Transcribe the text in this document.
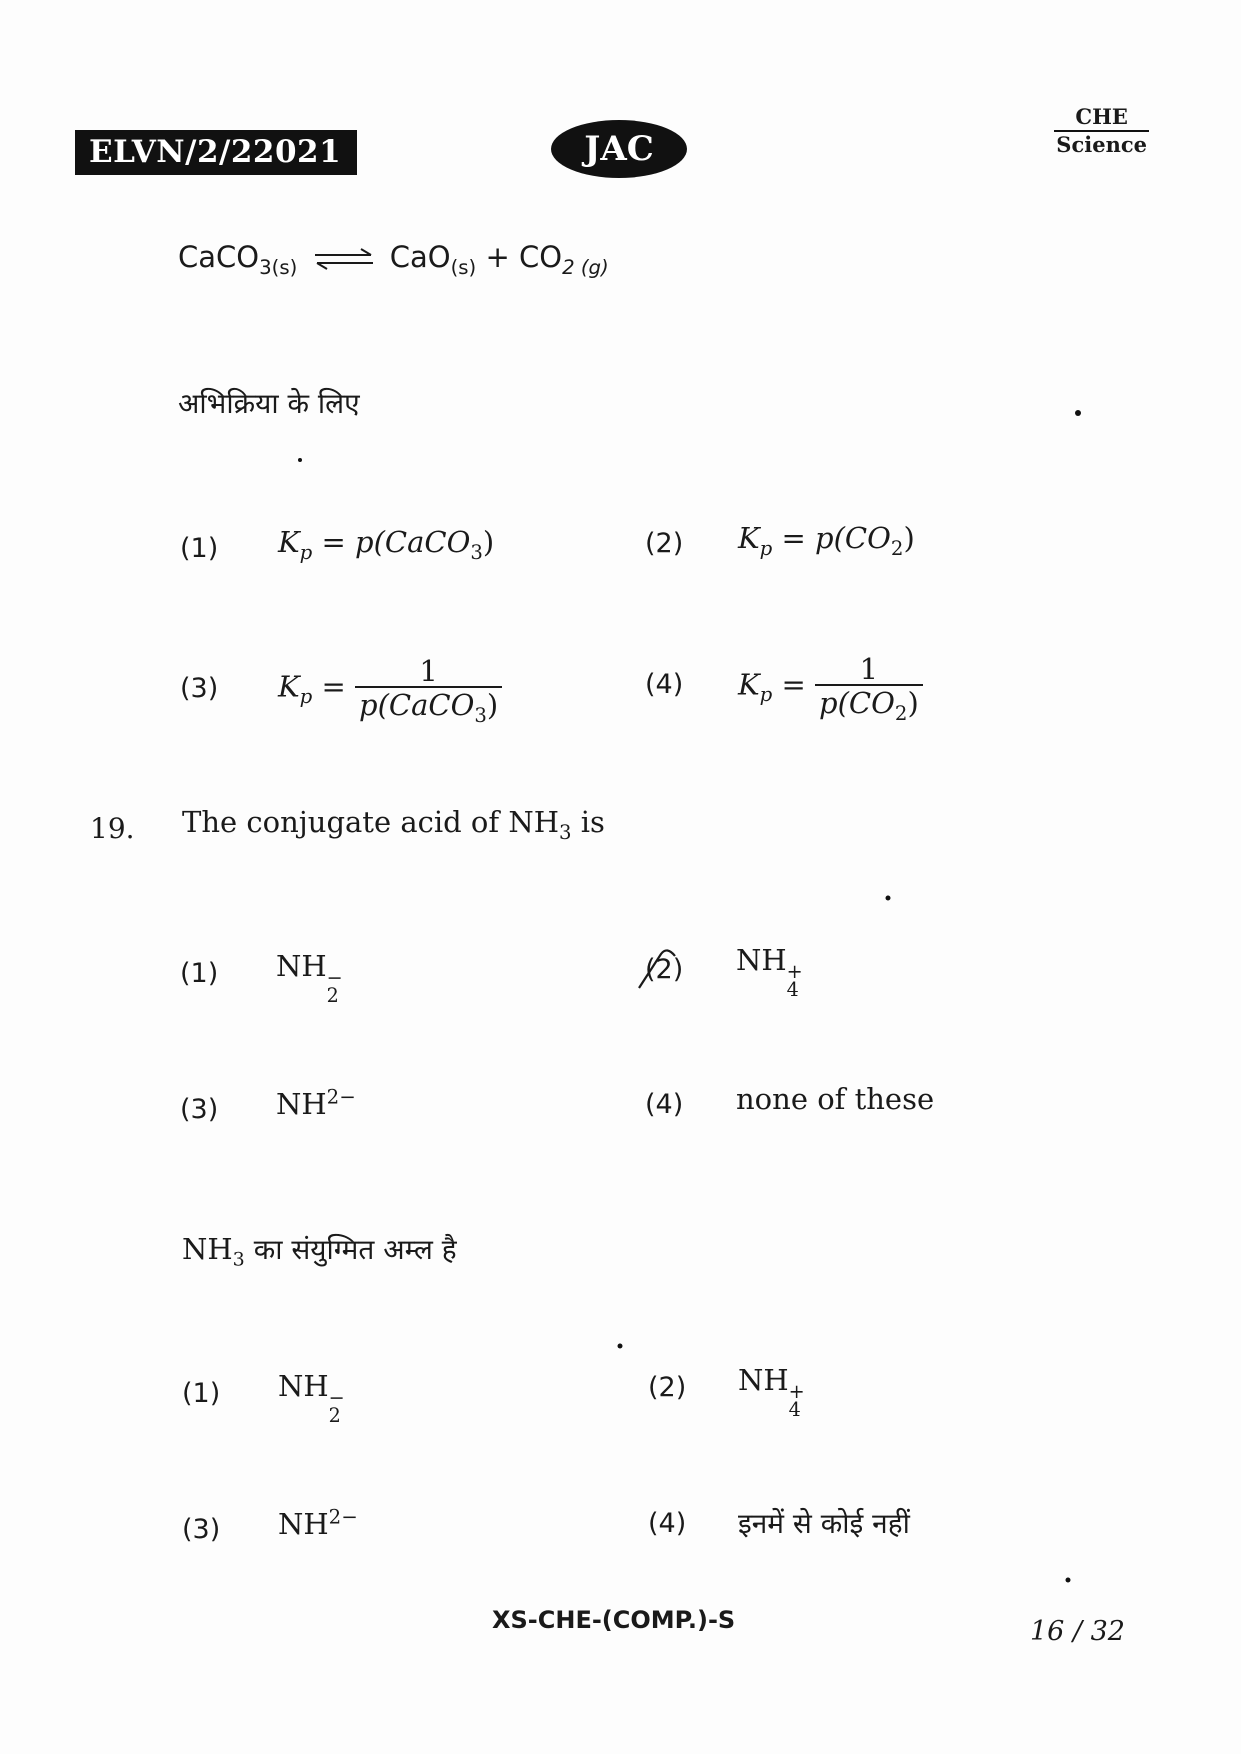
ELVN/2/22021	JAC
CHE
Science
CaCO$_{3(s)}$ ⇌ $CaO_{(s)} + CO_{2 (g)}$
अभिक्रिया के लिए
(1) $K_p$ = p(CaCO$_3$)	(2) $K_p = p(CO_2)$
(3) $K_p = \frac{1}{p(CaCO_3)}$	(4) $K_p = \frac{1}{p(CO_2)}$
19. The conjugate acid of $NH_3$ is
(1) NH −
2
(2) NH +
4
(3) $NH^{2-}$	(4) none of these
$NH_3$ का संयुग्मित अम्ल है
(1) NH −
2
(2) NH +
4
(3) $NH^{2-}$	(4) इनमें से कोई नहीं
XS-CHE-(COMP.)-S	16 / 32
